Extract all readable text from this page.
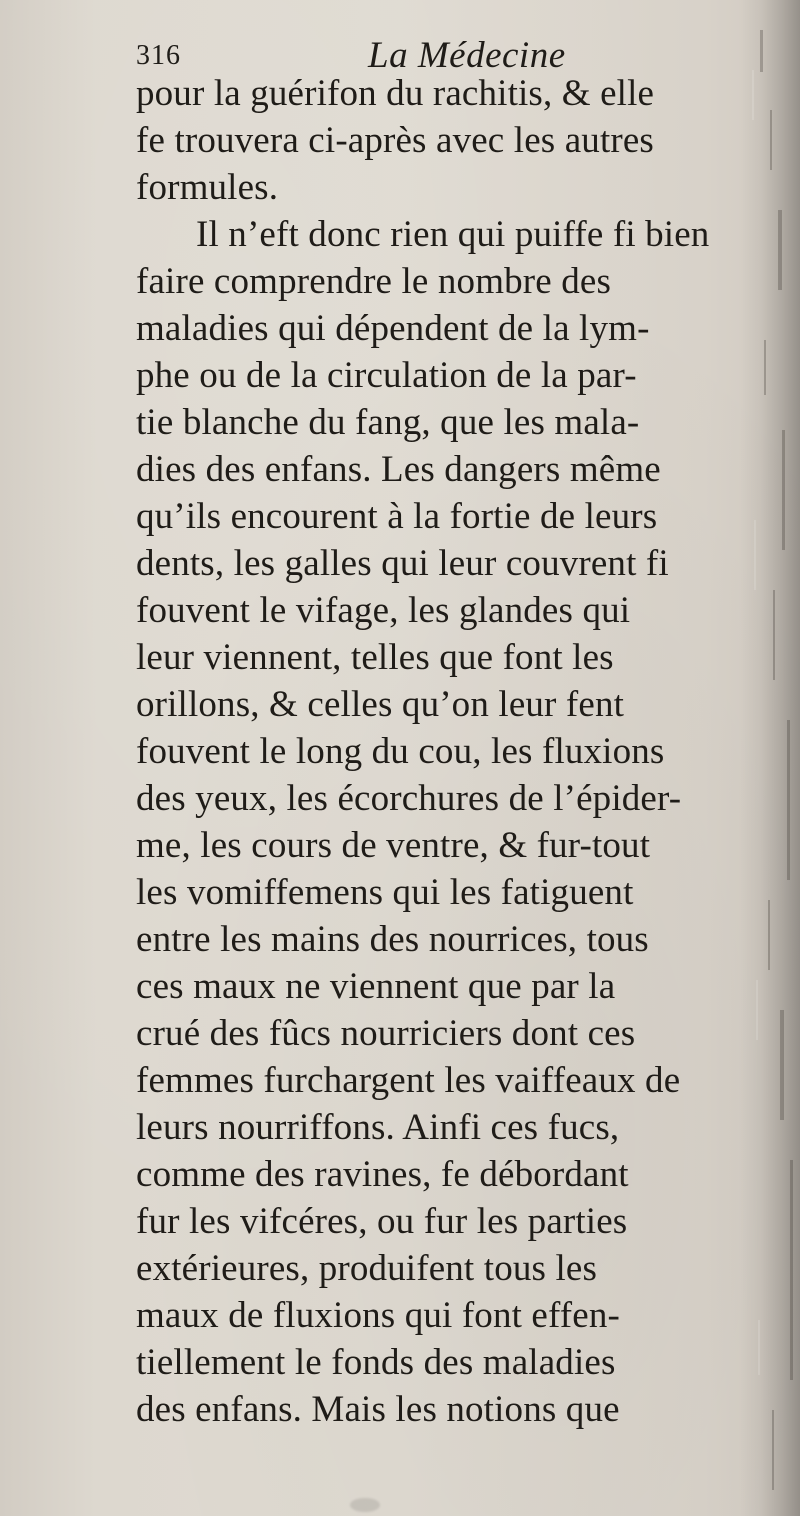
316	La Médecine
pour la guérifon du rachitis, & elle
fe trouvera ci-après avec les autres
formules.
Il n’eft donc rien qui puiffe fi bien
faire comprendre le nombre des
maladies qui dépendent de la lym-
phe ou de la circulation de la par-
tie blanche du fang, que les mala-
dies des enfans. Les dangers même
qu’ils encourent à la fortie de leurs
dents, les galles qui leur couvrent fi
fouvent le vifage, les glandes qui
leur viennent, telles que font les
orillons, & celles qu’on leur fent
fouvent le long du cou, les fluxions
des yeux, les écorchures de l’épider-
me, les cours de ventre, & fur-tout
les vomiffemens qui les fatiguent
entre les mains des nourrices, tous
ces maux ne viennent que par la
crué des fûcs nourriciers dont ces
femmes furchargent les vaiffeaux de
leurs nourriffons. Ainfi ces fucs,
comme des ravines, fe débordant
fur les vifcéres, ou fur les parties
extérieures, produifent tous les
maux de fluxions qui font effen-
tiellement le fonds des maladies
des enfans. Mais les notions que
